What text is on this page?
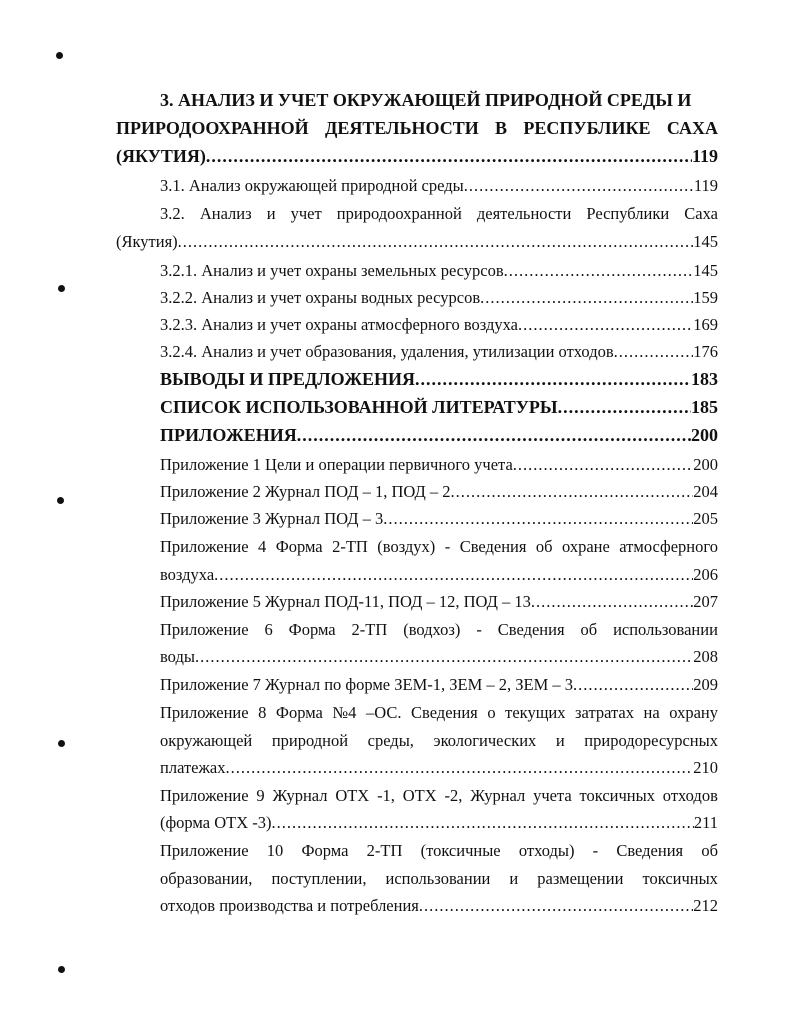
3. АНАЛИЗ И УЧЕТ ОКРУЖАЮЩЕЙ ПРИРОДНОЙ СРЕДЫ И
ПРИРОДООХРАННОЙ ДЕЯТЕЛЬНОСТИ В РЕСПУБЛИКЕ САХА
(ЯКУТИЯ) .....	119
3.1. Анализ окружающей природной среды .....	119
3.2. Анализ и учет природоохранной деятельности Республики Саха
(Якутия) .....	145
3.2.1. Анализ и учет охраны земельных ресурсов .....	145
3.2.2. Анализ и учет охраны водных ресурсов .....	159
3.2.3. Анализ и учет охраны атмосферного воздуха .....	169
3.2.4. Анализ и учет образования, удаления, утилизации отходов .....	176
ВЫВОДЫ И ПРЕДЛОЖЕНИЯ .....	183
СПИСОК ИСПОЛЬЗОВАННОЙ ЛИТЕРАТУРЫ .....	185
ПРИЛОЖЕНИЯ .....	200
Приложение 1 Цели и операции первичного учета .....	200
Приложение 2 Журнал ПОД – 1, ПОД – 2 .....	204
Приложение 3 Журнал ПОД – 3 .....	205
Приложение 4 Форма 2-ТП (воздух) - Сведения об охране атмосферного
воздуха .....	206
Приложение 5 Журнал ПОД-11, ПОД – 12, ПОД – 13 .....	207
Приложение 6 Форма 2-ТП (водхоз) - Сведения об использовании
воды .....	208
Приложение 7 Журнал по форме ЗЕМ-1, ЗЕМ – 2, ЗЕМ – 3 .....	209
Приложение 8 Форма №4 –ОС. Сведения о текущих затратах на охрану
окружающей природной среды, экологических и природоресурсных
платежах .....	210
Приложение 9 Журнал ОТХ -1, ОТХ -2, Журнал учета токсичных отходов
(форма ОТХ -3) .....	211
Приложение 10 Форма 2-ТП (токсичные отходы) - Сведения об
образовании, поступлении, использовании и размещении токсичных
отходов производства и потребления .....	212
